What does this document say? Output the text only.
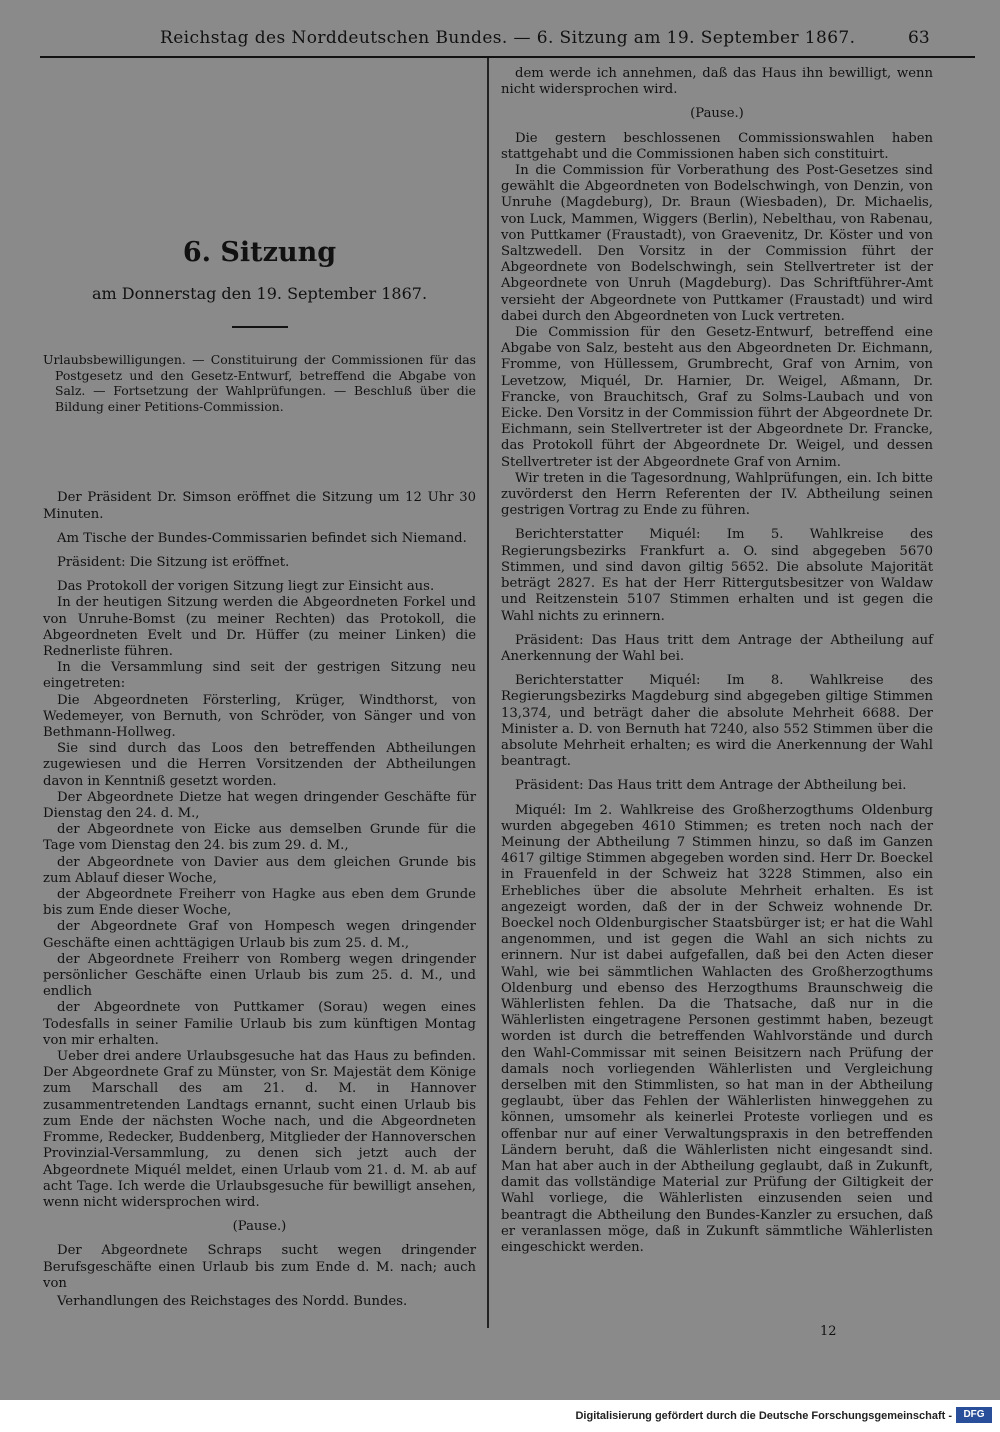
Reichstag des Norddeutschen Bundes. — 6. Sitzung am 19. September 1867.	63
6. Sitzung
am Donnerstag den 19. September 1867.
Urlaubsbewilligungen. — Constituirung der Commissionen für das Postgesetz und den Gesetz-Entwurf, betreffend die Abgabe von Salz. — Fortsetzung der Wahlprüfungen. — Beschluß über die Bildung einer Petitions-Commission.

Der Präsident Dr. Simson eröffnet die Sitzung um 12 Uhr 30 Minuten.

Am Tische der Bundes-Commissarien befindet sich Niemand.

Präsident: Die Sitzung ist eröffnet.

Das Protokoll der vorigen Sitzung liegt zur Einsicht aus.

In der heutigen Sitzung werden die Abgeordneten Forkel und von Unruhe-Bomst (zu meiner Rechten) das Protokoll, die Abgeordneten Evelt und Dr. Hüffer (zu meiner Linken) die Rednerliste führen.

In die Versammlung sind seit der gestrigen Sitzung neu eingetreten:

Die Abgeordneten Försterling, Krüger, Windthorst, von Wedemeyer, von Bernuth, von Schröder, von Sänger und von Bethmann-Hollweg.

Sie sind durch das Loos den betreffenden Abtheilungen zugewiesen und die Herren Vorsitzenden der Abtheilungen davon in Kenntniß gesetzt worden.

Der Abgeordnete Dietze hat wegen dringender Geschäfte für Dienstag den 24. d. M.,

der Abgeordnete von Eicke aus demselben Grunde für die Tage vom Dienstag den 24. bis zum 29. d. M.,

der Abgeordnete von Davier aus dem gleichen Grunde bis zum Ablauf dieser Woche,

der Abgeordnete Freiherr von Hagke aus eben dem Grunde bis zum Ende dieser Woche,

der Abgeordnete Graf von Hompesch wegen dringender Geschäfte einen achttägigen Urlaub bis zum 25. d. M.,

der Abgeordnete Freiherr von Romberg wegen dringender persönlicher Geschäfte einen Urlaub bis zum 25. d. M., und endlich

der Abgeordnete von Puttkamer (Sorau) wegen eines Todesfalls in seiner Familie Urlaub bis zum künftigen Montag von mir erhalten.

Ueber drei andere Urlaubsgesuche hat das Haus zu befinden. Der Abgeordnete Graf zu Münster, von Sr. Majestät dem Könige zum Marschall des am 21. d. M. in Hannover zusammentretenden Landtags ernannt, sucht einen Urlaub bis zum Ende der nächsten Woche nach, und die Abgeordneten Fromme, Redecker, Buddenberg, Mitglieder der Hannoverschen Provinzial-Versammlung, zu denen sich jetzt auch der Abgeordnete Miquél meldet, einen Urlaub vom 21. d. M. ab auf acht Tage. Ich werde die Urlaubsgesuche für bewilligt ansehen, wenn nicht widersprochen wird.

(Pause.)

Der Abgeordnete Schraps sucht wegen dringender Berufsgeschäfte einen Urlaub bis zum Ende d. M. nach; auch von

Verhandlungen des Reichstages des Nordd. Bundes.

dem werde ich annehmen, daß das Haus ihn bewilligt, wenn nicht widersprochen wird.

(Pause.)

Die gestern beschlossenen Commissionswahlen haben stattgehabt und die Commissionen haben sich constituirt.

In die Commission für Vorberathung des Post-Gesetzes sind gewählt die Abgeordneten von Bodelschwingh, von Denzin, von Unruhe (Magdeburg), Dr. Braun (Wiesbaden), Dr. Michaelis, von Luck, Mammen, Wiggers (Berlin), Nebelthau, von Rabenau, von Puttkamer (Fraustadt), von Graevenitz, Dr. Köster und von Saltzwedell. Den Vorsitz in der Commission führt der Abgeordnete von Bodelschwingh, sein Stellvertreter ist der Abgeordnete von Unruh (Magdeburg). Das Schriftführer-Amt versieht der Abgeordnete von Puttkamer (Fraustadt) und wird dabei durch den Abgeordneten von Luck vertreten.

Die Commission für den Gesetz-Entwurf, betreffend eine Abgabe von Salz, besteht aus den Abgeordneten Dr. Eichmann, Fromme, von Hüllessem, Grumbrecht, Graf von Arnim, von Levetzow, Miquél, Dr. Harnier, Dr. Weigel, Aßmann, Dr. Francke, von Brauchitsch, Graf zu Solms-Laubach und von Eicke. Den Vorsitz in der Commission führt der Abgeordnete Dr. Eichmann, sein Stellvertreter ist der Abgeordnete Dr. Francke, das Protokoll führt der Abgeordnete Dr. Weigel, und dessen Stellvertreter ist der Abgeordnete Graf von Arnim.

Wir treten in die Tagesordnung, Wahlprüfungen, ein. Ich bitte zuvörderst den Herrn Referenten der IV. Abtheilung seinen gestrigen Vortrag zu Ende zu führen.

Berichterstatter Miquél: Im 5. Wahlkreise des Regierungsbezirks Frankfurt a. O. sind abgegeben 5670 Stimmen, und sind davon giltig 5652. Die absolute Majorität beträgt 2827. Es hat der Herr Rittergutsbesitzer von Waldaw und Reitzenstein 5107 Stimmen erhalten und ist gegen die Wahl nichts zu erinnern.

Präsident: Das Haus tritt dem Antrage der Abtheilung auf Anerkennung der Wahl bei.

Berichterstatter Miquél: Im 8. Wahlkreise des Regierungsbezirks Magdeburg sind abgegeben giltige Stimmen 13,374, und beträgt daher die absolute Mehrheit 6688. Der Minister a. D. von Bernuth hat 7240, also 552 Stimmen über die absolute Mehrheit erhalten; es wird die Anerkennung der Wahl beantragt.

Präsident: Das Haus tritt dem Antrage der Abtheilung bei.

Miquél: Im 2. Wahlkreise des Großherzogthums Oldenburg wurden abgegeben 4610 Stimmen; es treten noch nach der Meinung der Abtheilung 7 Stimmen hinzu, so daß im Ganzen 4617 giltige Stimmen abgegeben worden sind. Herr Dr. Boeckel in Frauenfeld in der Schweiz hat 3228 Stimmen, also ein Erhebliches über die absolute Mehrheit erhalten. Es ist angezeigt worden, daß der in der Schweiz wohnende Dr. Boeckel noch Oldenburgischer Staatsbürger ist; er hat die Wahl angenommen, und ist gegen die Wahl an sich nichts zu erinnern. Nur ist dabei aufgefallen, daß bei den Acten dieser Wahl, wie bei sämmtlichen Wahlacten des Großherzogthums Oldenburg und ebenso des Herzogthums Braunschweig die Wählerlisten fehlen. Da die Thatsache, daß nur in die Wählerlisten eingetragene Personen gestimmt haben, bezeugt worden ist durch die betreffenden Wahlvorstände und durch den Wahl-Commissar mit seinen Beisitzern nach Prüfung der damals noch vorliegenden Wählerlisten und Vergleichung derselben mit den Stimmlisten, so hat man in der Abtheilung geglaubt, über das Fehlen der Wählerlisten hinweggehen zu können, umsomehr als keinerlei Proteste vorliegen und es offenbar nur auf einer Verwaltungspraxis in den betreffenden Ländern beruht, daß die Wählerlisten nicht eingesandt sind. Man hat aber auch in der Abtheilung geglaubt, daß in Zukunft, damit das vollständige Material zur Prüfung der Giltigkeit der Wahl vorliege, die Wählerlisten einzusenden seien und beantragt die Abtheilung den Bundes-Kanzler zu ersuchen, daß er veranlassen möge, daß in Zukunft sämmtliche Wählerlisten eingeschickt werden.

12
Digitalisierung gefördert durch die Deutsche Forschungsgemeinschaft -	DFG
